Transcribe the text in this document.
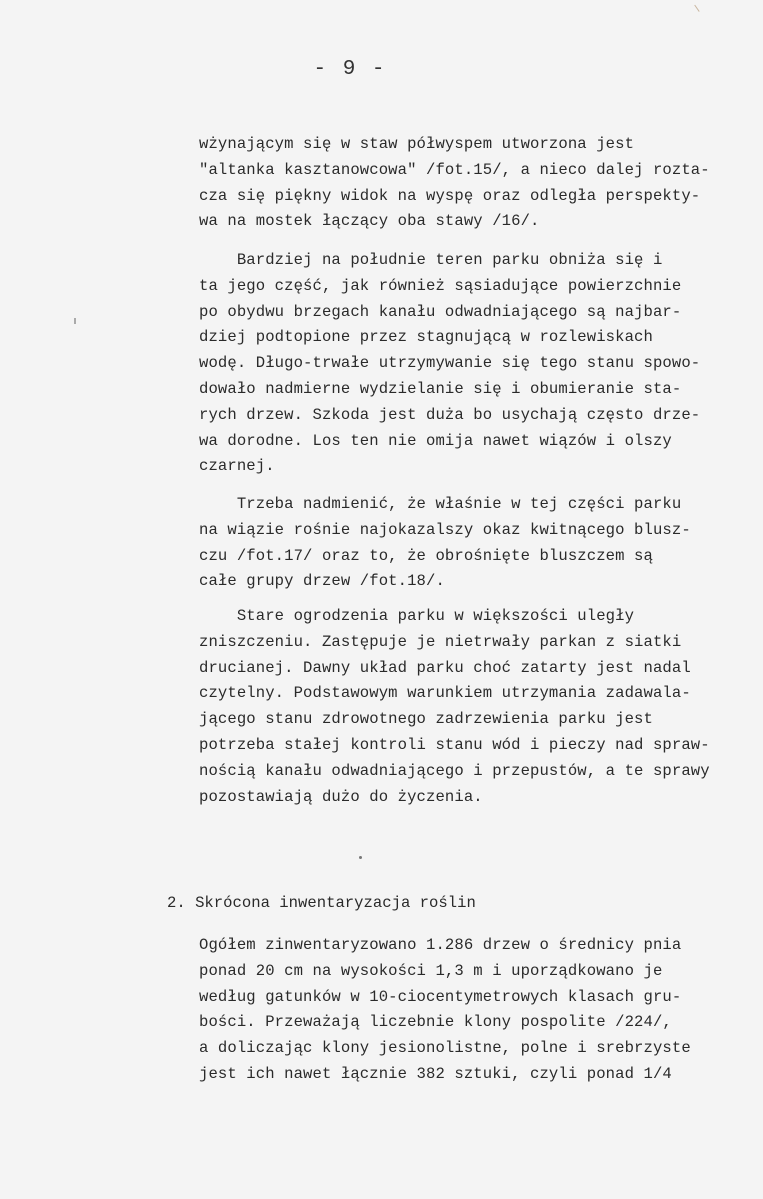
- 9 -
wżynającym się w staw półwyspem utworzona jest
"altanka kasztanowcowa" /fot.15/, a nieco dalej rozta-
cza się piękny widok na wyspę oraz odległa perspekty-
wa na mostek łączący oba stawy /16/.
Bardziej na południe teren parku obniża się i
ta jego część, jak również sąsiadujące powierzchnie
po obydwu brzegach kanału odwadniającego są najbar-
dziej podtopione przez stagnującą w rozlewiskach
wodę. Długo-trwałe utrzymywanie się tego stanu spowo-
dowało nadmierne wydzielanie się i obumieranie sta-
rych drzew. Szkoda jest duża bo usychają często drze-
wa dorodne. Los ten nie omija nawet wiązów i olszy
czarnej.
Trzeba nadmienić, że właśnie w tej części parku
na wiązie rośnie najokazalszy okaz kwitnącego blusz-
czu /fot.17/ oraz to, że obrośnięte bluszczem są
całe grupy drzew /fot.18/.
Stare ogrodzenia parku w większości uległy
zniszczeniu. Zastępuje je nietrwały parkan z siatki
drucianej. Dawny układ parku choć zatarty jest nadal
czytelny. Podstawowym warunkiem utrzymania zadawala-
jącego stanu zdrowotnego zadrzewienia parku jest
potrzeba stałej kontroli stanu wód i pieczy nad spraw-
nością kanału odwadniającego i przepustów, a te sprawy
pozostawiają dużo do życzenia.
2. Skrócona inwentaryzacja roślin
Ogółem zinwentaryzowano 1.286 drzew o średnicy pnia
ponad 20 cm na wysokości 1,3 m i uporządkowano je
według gatunków w 10-ciocentymetrowych klasach gru-
bości. Przeważają liczebnie klony pospolite /224/,
a doliczając klony jesionolistne, polne i srebrzyste
jest ich nawet łącznie 382 sztuki, czyli ponad 1/4
